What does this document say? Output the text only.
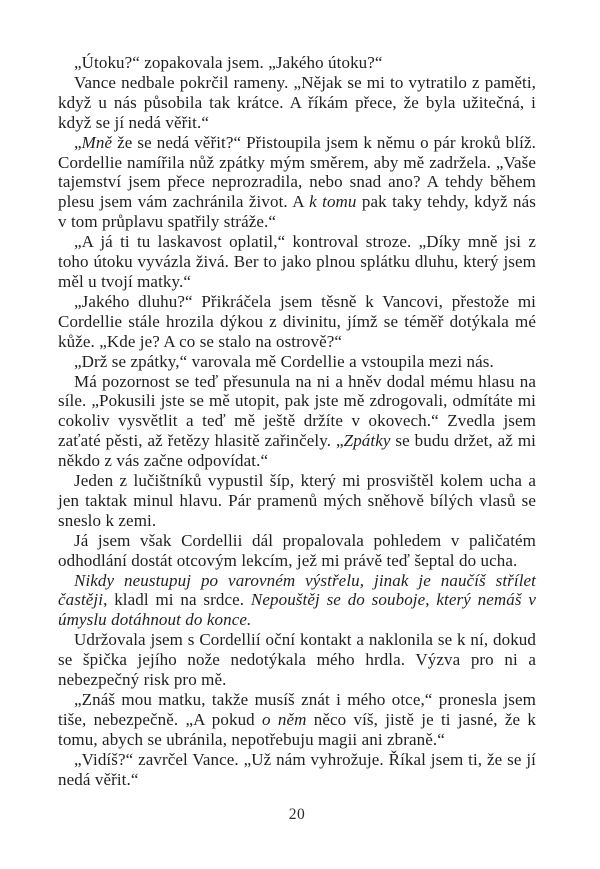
„Útoku?“ zopakovala jsem. „Jakého útoku?“

Vance nedbale pokrčil rameny. „Nějak se mi to vytratilo z paměti, když u nás působila tak krátce. A říkám přece, že byla užitečná, i když se jí nedá věřit.“

„Mně že se nedá věřit?“ Přistoupila jsem k němu o pár kroků blíž. Cordellie namířila nůž zpátky mým směrem, aby mě zadržela. „Vaše tajemství jsem přece neprozradila, nebo snad ano? A tehdy během plesu jsem vám zachránila život. A k tomu pak taky tehdy, když nás v tom průplavu spatřily stráže.“

„A já ti tu laskavost oplatil,“ kontroval stroze. „Díky mně jsi z toho útoku vyvázla živá. Ber to jako plnou splátku dluhu, který jsem měl u tvojí matky.“

„Jakého dluhu?“ Přikráčela jsem těsně k Vancovi, přestože mi Cordellie stále hrozila dýkou z divinitu, jímž se téměř dotýkala mé kůže. „Kde je? A co se stalo na ostrově?“

„Drž se zpátky,“ varovala mě Cordellie a vstoupila mezi nás.

Má pozornost se teď přesunula na ni a hněv dodal mému hlasu na síle. „Pokusili jste se mě utopit, pak jste mě zdrogovali, odmítáte mi cokoliv vysvětlit a teď mě ještě držíte v okovech.“ Zvedla jsem zaťaté pěsti, až řetězy hlasitě zařinčely. „Zpátky se budu držet, až mi někdo z vás začne odpovídat.“

Jeden z lučištníků vypustil šíp, který mi prosvištěl kolem ucha a jen taktak minul hlavu. Pár pramenů mých sněhově bílých vlasů se sneslo k zemi.

Já jsem však Cordellii dál propalovala pohledem v paličatém odhodlání dostát otcovým lekcím, jež mi právě teď šeptal do ucha.

Nikdy neustupuj po varovném výstřelu, jinak je naučíš střílet častěji, kladl mi na srdce. Nepouštěj se do souboje, který nemáš v úmyslu dotáhnout do konce.

Udržovala jsem s Cordellií oční kontakt a naklonila se k ní, dokud se špička jejího nože nedotýkala mého hrdla. Výzva pro ni a nebezpečný risk pro mě.

„Znáš mou matku, takže musíš znát i mého otce,“ pronesla jsem tiše, nebezpečně. „A pokud o něm něco víš, jistě je ti jasné, že k tomu, abych se ubránila, nepotřebuju magii ani zbraně.“

„Vidíš?“ zavrčel Vance. „Už nám vyhrožuje. Říkal jsem ti, že se jí nedá věřit.“

20
